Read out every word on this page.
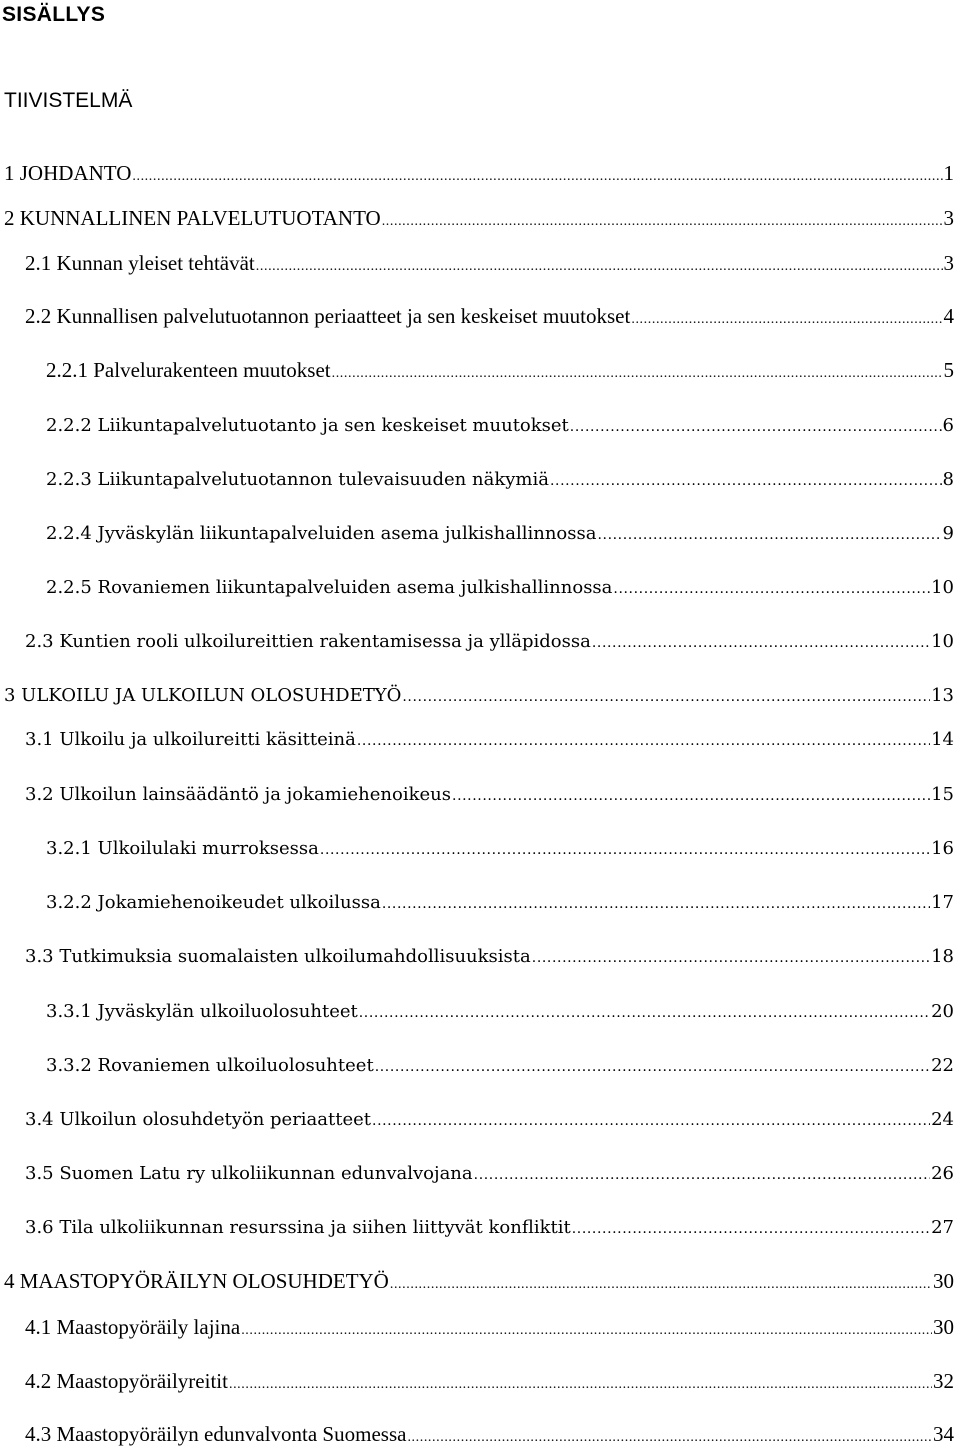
SISÄLLYS
TIIVISTELMÄ
1 JOHDANTO .....	1
2 KUNNALLINEN PALVELUTUOTANTO .....	3
2.1 Kunnan yleiset tehtävät .....	3
2.2 Kunnallisen palvelutuotannon periaatteet ja sen keskeiset muutokset .....	4
2.2.1 Palvelurakenteen muutokset .....	5
2.2.2 Liikuntapalvelutuotanto ja sen keskeiset muutokset .....	6
2.2.3 Liikuntapalvelutuotannon tulevaisuuden näkymiä .....	8
2.2.4 Jyväskylän liikuntapalveluiden asema julkishallinnossa .....	9
2.2.5 Rovaniemen liikuntapalveluiden asema julkishallinnossa .....	10
2.3 Kuntien rooli ulkoilureittien rakentamisessa ja ylläpidossa .....	10
3 ULKOILU JA ULKOILUN OLOSUHDETYÖ .....	13
3.1 Ulkoilu ja ulkoilureitti käsitteinä .....	14
3.2 Ulkoilun lainsäädäntö ja jokamiehenoikeus .....	15
3.2.1 Ulkoilulaki murroksessa .....	16
3.2.2 Jokamiehenoikeudet ulkoilussa .....	17
3.3 Tutkimuksia suomalaisten ulkoilumahdollisuuksista .....	18
3.3.1 Jyväskylän ulkoiluolosuhteet .....	20
3.3.2 Rovaniemen ulkoiluolosuhteet .....	22
3.4 Ulkoilun olosuhdetyön periaatteet .....	24
3.5 Suomen Latu ry ulkoliikunnan edunvalvojana .....	26
3.6 Tila ulkoliikunnan resurssina ja siihen liittyvät konfliktit .....	27
4 MAASTOPYÖRÄILYN OLOSUHDETYÖ .....	30
4.1 Maastopyöräily lajina .....	30
4.2 Maastopyöräilyreitit .....	32
4.3 Maastopyöräilyn edunvalvonta Suomessa .....	34
